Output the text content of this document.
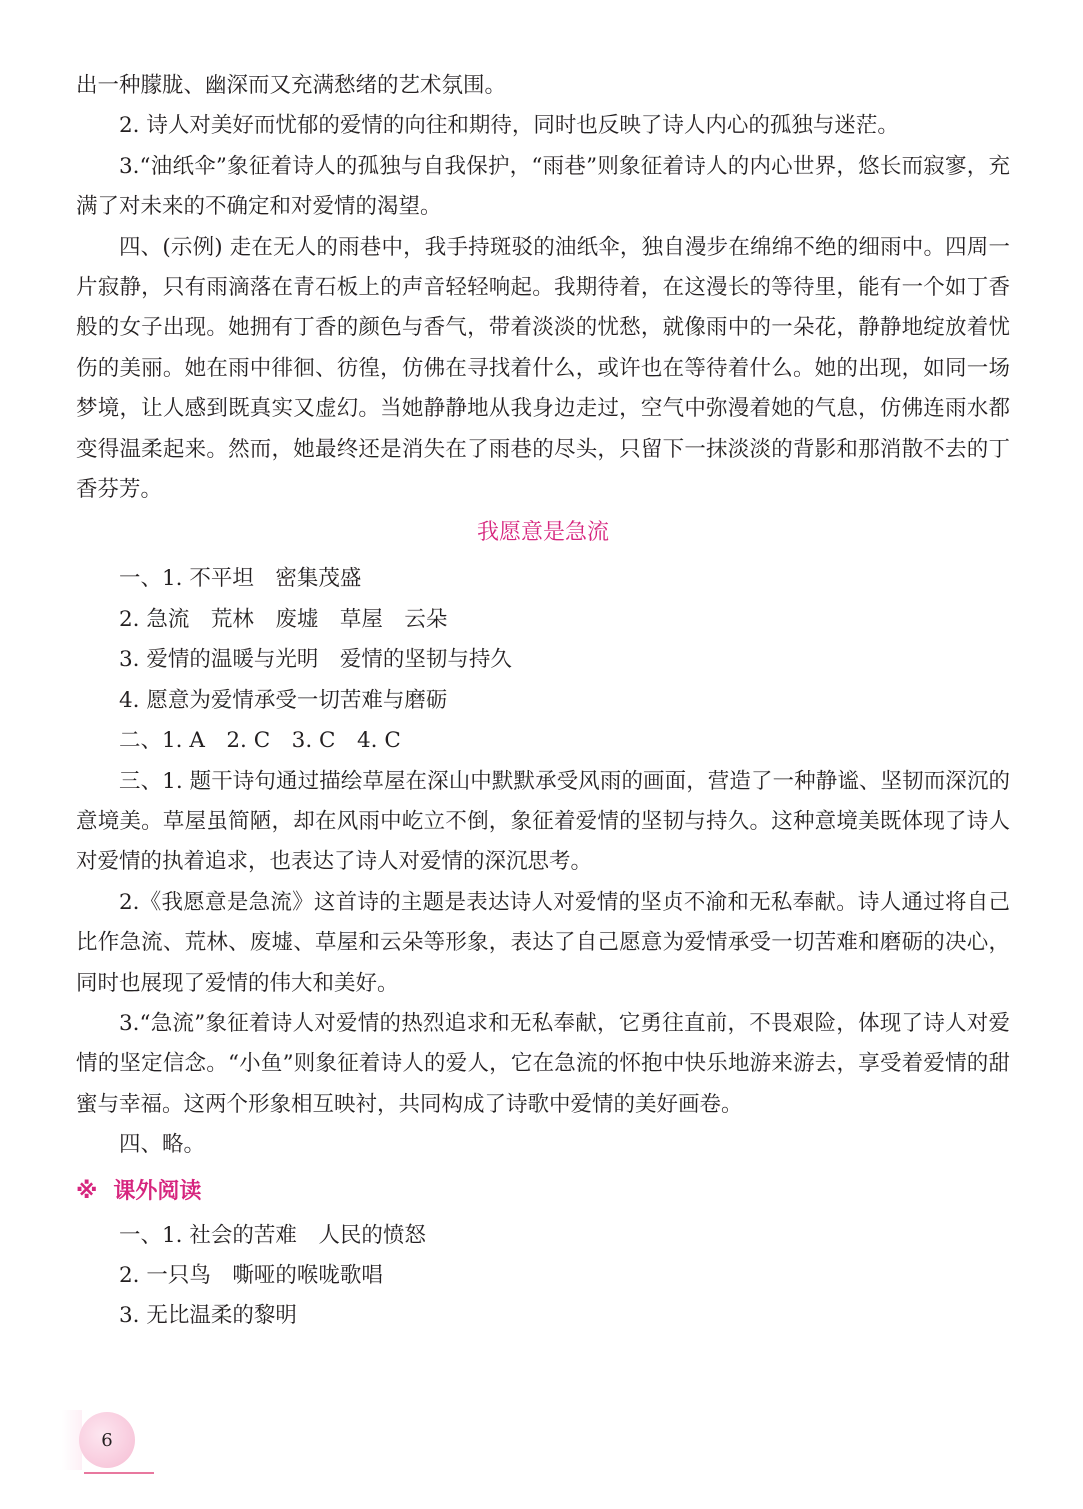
出一种朦胧、幽深而又充满愁绪的艺术氛围。

2. 诗人对美好而忧郁的爱情的向往和期待，同时也反映了诗人内心的孤独与迷茫。

3.“油纸伞”象征着诗人的孤独与自我保护，“雨巷”则象征着诗人的内心世界，悠长而寂寥，充满了对未来的不确定和对爱情的渴望。

四、(示例) 走在无人的雨巷中，我手持斑驳的油纸伞，独自漫步在绵绵不绝的细雨中。四周一片寂静，只有雨滴落在青石板上的声音轻轻响起。我期待着，在这漫长的等待里，能有一个如丁香般的女子出现。她拥有丁香的颜色与香气，带着淡淡的忧愁，就像雨中的一朵花，静静地绽放着忧伤的美丽。她在雨中徘徊、彷徨，仿佛在寻找着什么，或许也在等待着什么。她的出现，如同一场梦境，让人感到既真实又虚幻。当她静静地从我身边走过，空气中弥漫着她的气息，仿佛连雨水都变得温柔起来。然而，她最终还是消失在了雨巷的尽头，只留下一抹淡淡的背影和那消散不去的丁香芬芳。

我愿意是急流

一、1. 不平坦 密集茂盛

2. 急流 荒林 废墟 草屋 云朵

3. 爱情的温暖与光明 爱情的坚韧与持久

4. 愿意为爱情承受一切苦难与磨砺

二、1. A　2. C　3. C　4. C

三、1. 题干诗句通过描绘草屋在深山中默默承受风雨的画面，营造了一种静谧、坚韧而深沉的意境美。草屋虽简陋，却在风雨中屹立不倒，象征着爱情的坚韧与持久。这种意境美既体现了诗人对爱情的执着追求，也表达了诗人对爱情的深沉思考。

2.《我愿意是急流》这首诗的主题是表达诗人对爱情的坚贞不渝和无私奉献。诗人通过将自己比作急流、荒林、废墟、草屋和云朵等形象，表达了自己愿意为爱情承受一切苦难和磨砺的决心，同时也展现了爱情的伟大和美好。

3.“急流”象征着诗人对爱情的热烈追求和无私奉献，它勇往直前，不畏艰险，体现了诗人对爱情的坚定信念。“小鱼”则象征着诗人的爱人，它在急流的怀抱中快乐地游来游去，享受着爱情的甜蜜与幸福。这两个形象相互映衬，共同构成了诗歌中爱情的美好画卷。

四、略。

※ 课外阅读

一、1. 社会的苦难 人民的愤怒

2. 一只鸟 嘶哑的喉咙歌唱

3. 无比温柔的黎明

6
